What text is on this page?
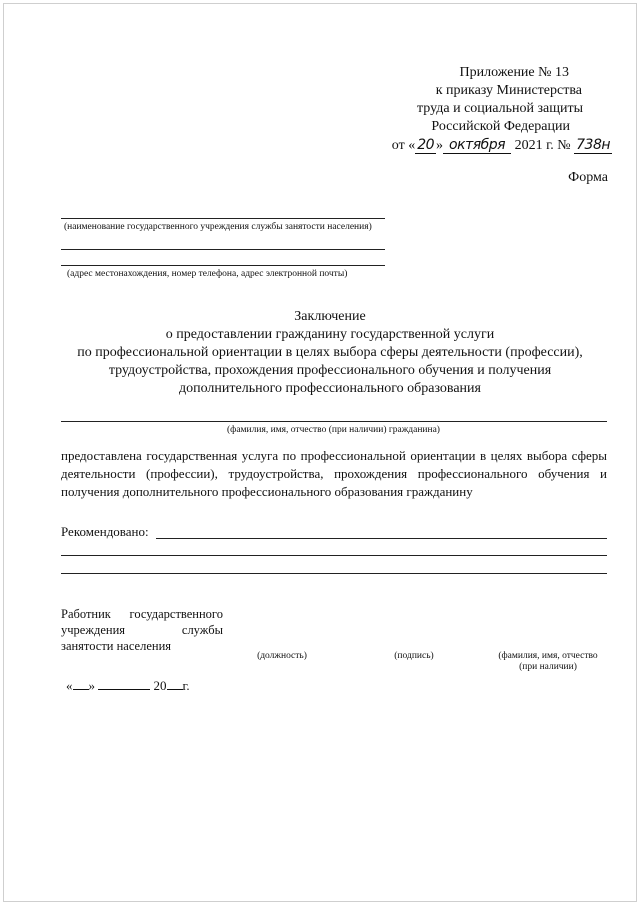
Приложение № 13
к приказу Министерства
труда и социальной защиты
Российской Федерации
от « 20 » октября 2021 г. № 738н
Форма
(наименование государственного учреждения службы занятости населения)
(адрес местонахождения, номер телефона, адрес электронной почты)
Заключение
о предоставлении гражданину государственной услуги
по профессиональной ориентации в целях выбора сферы деятельности (профессии),
трудоустройства, прохождения профессионального обучения и получения
дополнительного профессионального образования
(фамилия, имя, отчество (при наличии) гражданина)
предоставлена государственная услуга по профессиональной ориентации в целях выбора сферы деятельности (профессии), трудоустройства, прохождения профессионального обучения и получения дополнительного профессионального образования гражданину
Рекомендовано:
Работник государственного
учреждения	службы
занятости населения
(должность)	(подпись)	(фамилия, имя, отчество
(при наличии)
« »	20 г.
